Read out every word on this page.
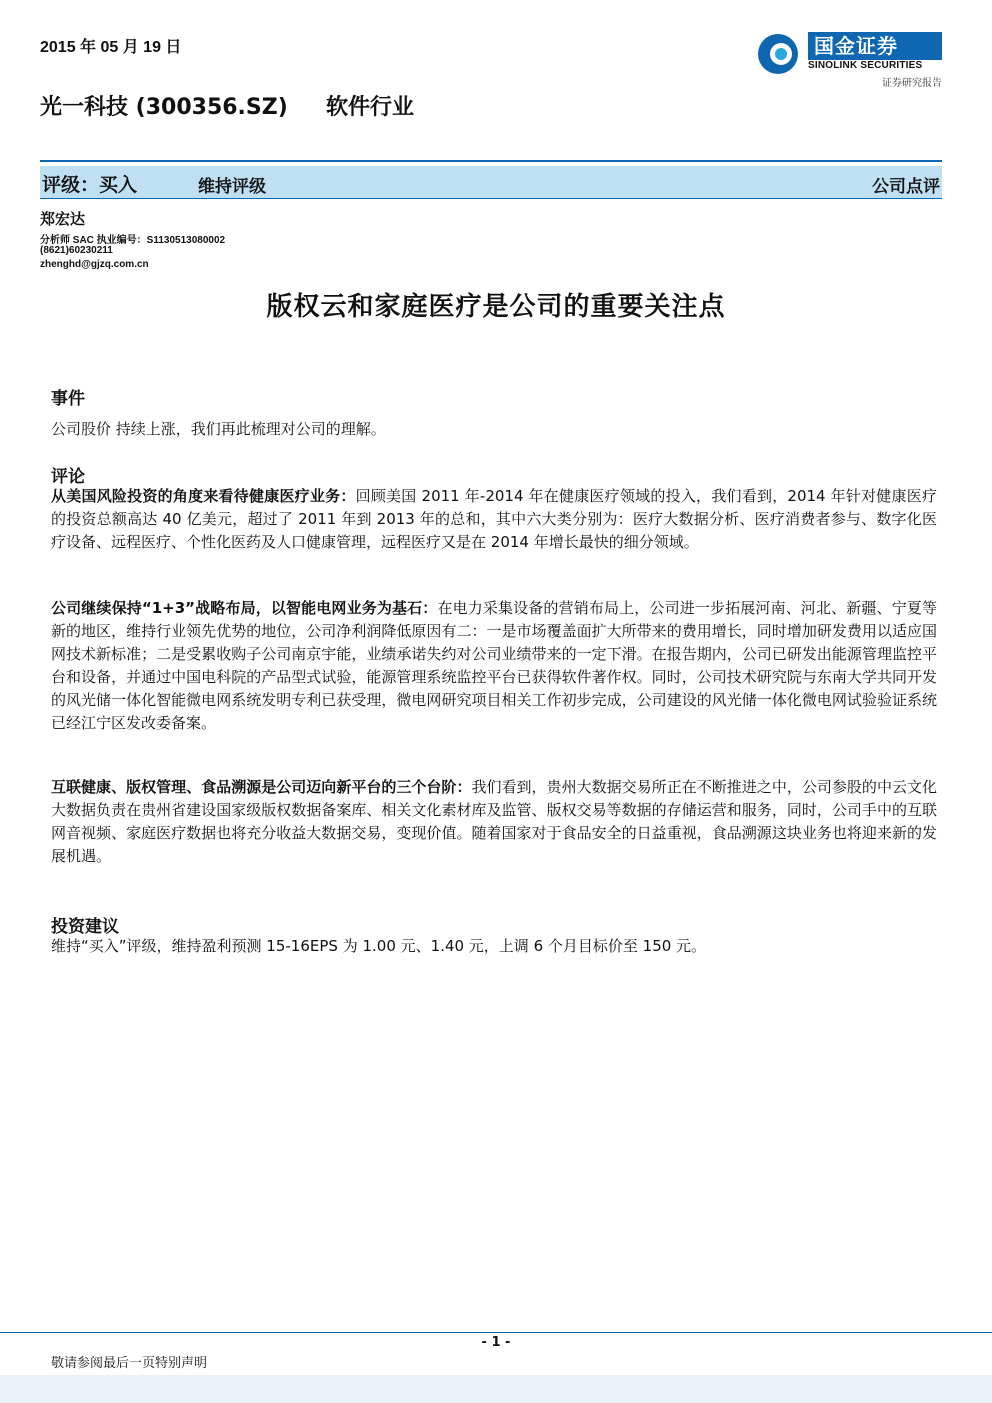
2015 年 05 月 19 日	国金证券
SINOLINK SECURITIES
证券研究报告
光一科技 (300356.SZ) 软件行业
评级：买入	维持评级	公司点评
郑宏达
分析师 SAC 执业编号：S1130513080002
(8621)60230211
zhenghd@gjzq.com.cn
版权云和家庭医疗是公司的重要关注点
事件
公司股价 持续上涨，我们再此梳理对公司的理解。
评论
从美国风险投资的角度来看待健康医疗业务：回顾美国 2011 年-2014 年在健康医疗领域的投入，我们看到，2014 年针对健康医疗的投资总额高达 40 亿美元，超过了 2011 年到 2013 年的总和，其中六大类分别为：医疗大数据分析、医疗消费者参与、数字化医疗设备、远程医疗、个性化医药及人口健康管理，远程医疗又是在 2014 年增长最快的细分领域。
公司继续保持“1+3”战略布局，以智能电网业务为基石：在电力采集设备的营销布局上，公司进一步拓展河南、河北、新疆、宁夏等新的地区，维持行业领先优势的地位，公司净利润降低原因有二：一是市场覆盖面扩大所带来的费用增长，同时增加研发费用以适应国网技术新标准；二是受累收购子公司南京宇能，业绩承诺失约对公司业绩带来的一定下滑。在报告期内，公司已研发出能源管理监控平台和设备，并通过中国电科院的产品型式试验，能源管理系统监控平台已获得软件著作权。同时，公司技术研究院与东南大学共同开发的风光储一体化智能微电网系统发明专利已获受理，微电网研究项目相关工作初步完成，公司建设的风光储一体化微电网试验验证系统已经江宁区发改委备案。
互联健康、版权管理、食品溯源是公司迈向新平台的三个台阶：我们看到，贵州大数据交易所正在不断推进之中，公司参股的中云文化大数据负责在贵州省建设国家级版权数据备案库、相关文化素材库及监管、版权交易等数据的存储运营和服务，同时，公司手中的互联网音视频、家庭医疗数据也将充分收益大数据交易，变现价值。随着国家对于食品安全的日益重视，食品溯源这块业务也将迎来新的发展机遇。
投资建议
维持“买入”评级，维持盈利预测 15-16EPS 为 1.00 元、1.40 元，上调 6 个月目标价至 150 元。
- 1 -
敬请参阅最后一页特别声明
